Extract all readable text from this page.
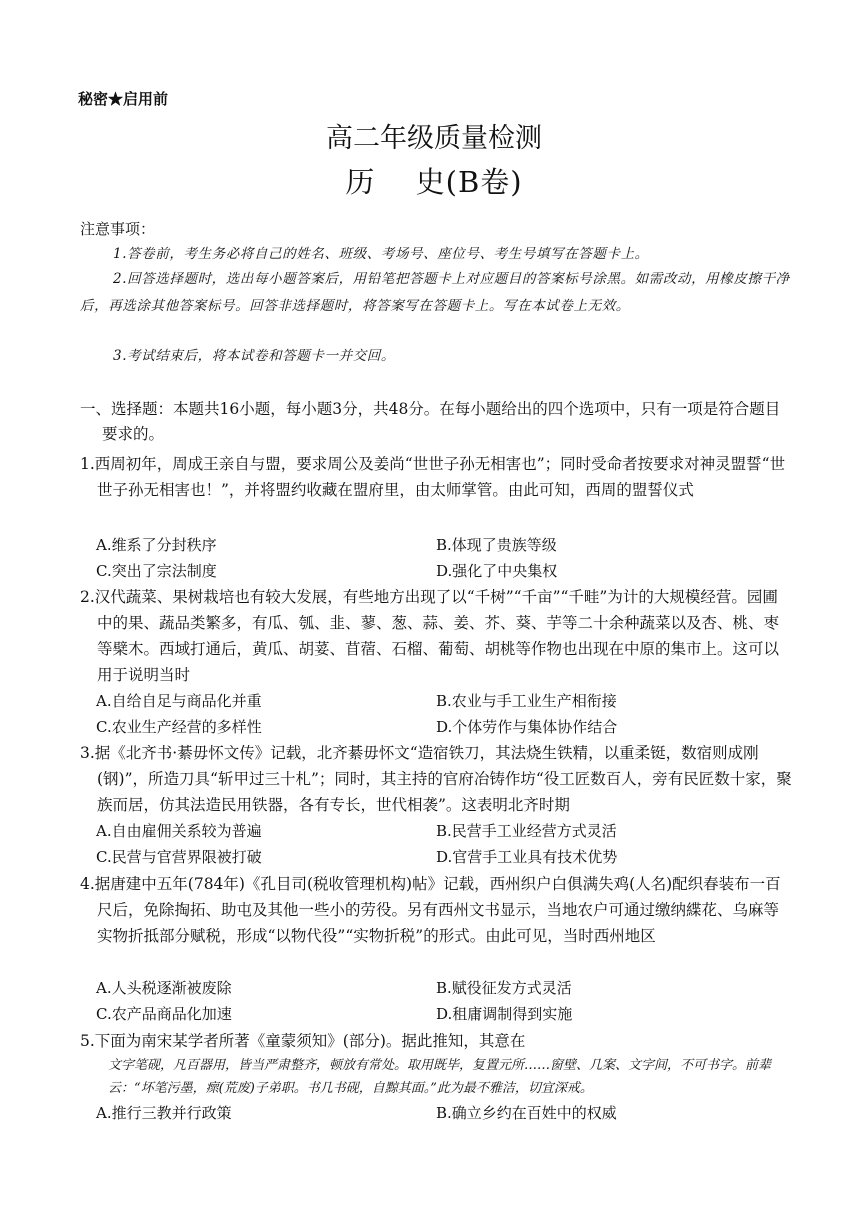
秘密★启用前
高二年级质量检测
历　 史(B卷)
注意事项：
1.答卷前，考生务必将自己的姓名、班级、考场号、座位号、考生号填写在答题卡上。
2.回答选择题时，选出每小题答案后，用铅笔把答题卡上对应题目的答案标号涂黑。如需改动，用橡皮擦干净后，再选涂其他答案标号。回答非选择题时，将答案写在答题卡上。写在本试卷上无效。
3.考试结束后，将本试卷和答题卡一并交回。
一、选择题：本题共16小题，每小题3分，共48分。在每小题给出的四个选项中，只有一项是符合题目要求的。
1.西周初年，周成王亲自与盟，要求周公及姜尚“世世子孙无相害也”；同时受命者按要求对神灵盟誓“世世子孙无相害也！”，并将盟约收藏在盟府里，由太师掌管。由此可知，西周的盟誓仪式
A.维系了分封秩序	B.体现了贵族等级
C.突出了宗法制度	D.强化了中央集权
2.汉代蔬菜、果树栽培也有较大发展，有些地方出现了以“千树”“千亩”“千畦”为计的大规模经营。园圃中的果、蔬品类繁多，有瓜、瓠、韭、蓼、葱、蒜、姜、芥、葵、芋等二十余种蔬菜以及杏、桃、枣等檗木。西域打通后，黄瓜、胡荽、苜蓿、石榴、葡萄、胡桃等作物也出现在中原的集市上。这可以用于说明当时
A.自给自足与商品化并重	B.农业与手工业生产相衔接
C.农业生产经营的多样性	D.个体劳作与集体协作结合
3.据《北齐书·綦毋怀文传》记载，北齐綦毋怀文“造宿铁刀，其法烧生铁精，以重柔铤，数宿则成刚(钢)”，所造刀具“斩甲过三十札”；同时，其主持的官府冶铸作坊“役工匠数百人，旁有民匠数十家，聚族而居，仿其法造民用铁器，各有专长，世代相袭”。这表明北齐时期
A.自由雇佣关系较为普遍	B.民营手工业经营方式灵活
C.民营与官营界限被打破	D.官营手工业具有技术优势
4.据唐建中五年(784年)《孔目司(税收管理机构)帖》记载，西州织户白俱满失鸡(人名)配织春装布一百尺后，免除掏拓、助屯及其他一些小的劳役。另有西州文书显示，当地农户可通过缴纳緤花、乌麻等实物折抵部分赋税，形成“以物代役”“实物折税”的形式。由此可见，当时西州地区
A.人头税逐渐被废除	B.赋役征发方式灵活
C.农产品商品化加速	D.租庸调制得到实施
5.下面为南宋某学者所著《童蒙须知》(部分)。据此推知，其意在
文字笔砚，凡百器用，皆当严肃整齐，顿放有常处。取用既毕，复置元所……窗壁、几案、文字间，不可书字。前辈云：“坏笔污墨，瘝(荒废)子弟职。书几书砚，自黥其面。”此为最不雅洁，切宜深戒。
A.推行三教并行政策	B.确立乡约在百姓中的权威
